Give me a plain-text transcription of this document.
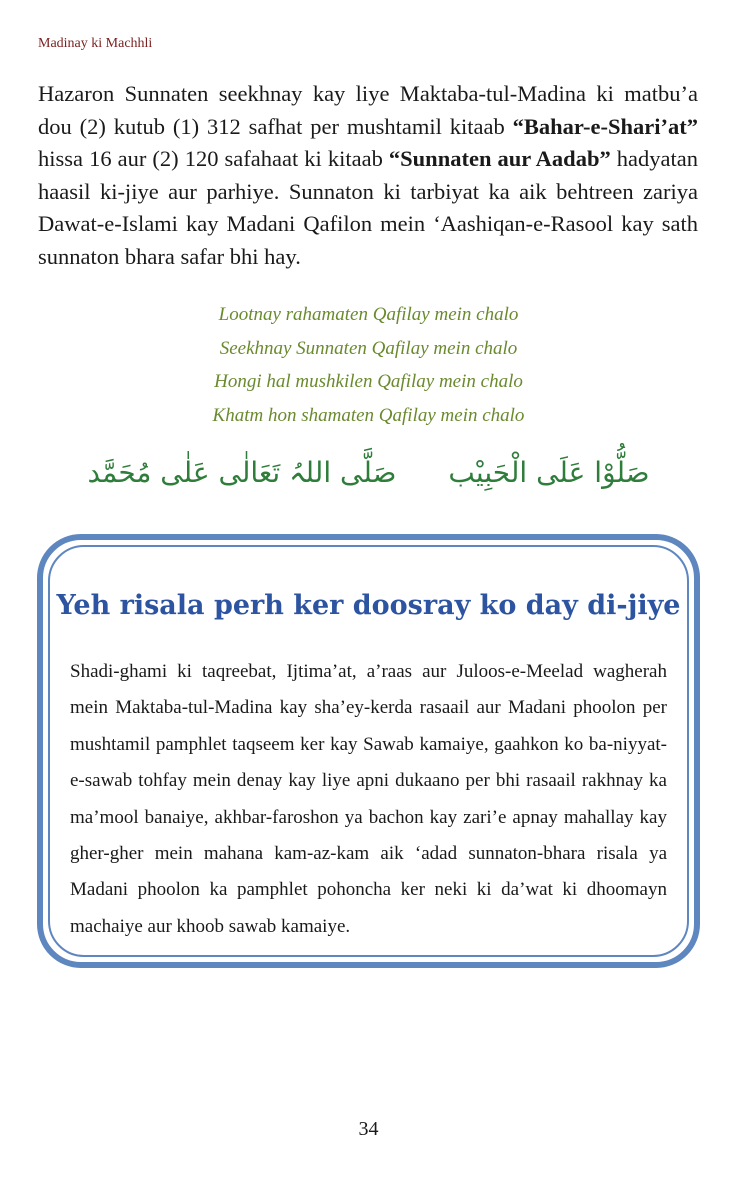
Madinay ki Machhli

Hazaron Sunnaten seekhnay kay liye Maktaba-tul-Madina ki matbu’a dou (2) kutub (1) 312 safhat per mushtamil kitaab “Bahar-e-Shari’at” hissa 16 aur (2) 120 safahaat ki kitaab “Sunnaten aur Aadab” hadyatan haasil ki-jiye aur parhiye. Sunnaton ki tarbiyat ka aik behtreen zariya Dawat-e-Islami kay Madani Qafilon mein ‘Aashiqan-e-Rasool kay sath sunnaton bhara safar bhi hay.

Lootnay rahamaten Qafilay mein chalo
Seekhnay Sunnaten Qafilay mein chalo
Hongi hal mushkilen Qafilay mein chalo
Khatm hon shamaten Qafilay mein chalo
صَلُّوْا عَلَی الْحَبِیْب
صَلَّی اللہُ تَعَالٰی عَلٰی مُحَمَّد
Yeh risala perh ker doosray ko day di-jiye

Shadi-ghami ki taqreebat, Ijtima’at, a’raas aur Juloos-e-Meelad wagherah mein Maktaba-tul-Madina kay sha’ey-kerda rasaail aur Madani phoolon per mushtamil pamphlet taqseem ker kay Sawab kamaiye, gaahkon ko ba-niyyat-e-sawab tohfay mein denay kay liye apni dukaano per bhi rasaail rakhnay ka ma’mool banaiye, akhbar-faroshon ya bachon kay zari’e apnay mahallay kay gher-gher mein mahana kam-az-kam aik ‘adad sunnaton-bhara risala ya Madani phoolon ka pamphlet pohoncha ker neki ki da’wat ki dhoomayn machaiye aur khoob sawab kamaiye.

34
